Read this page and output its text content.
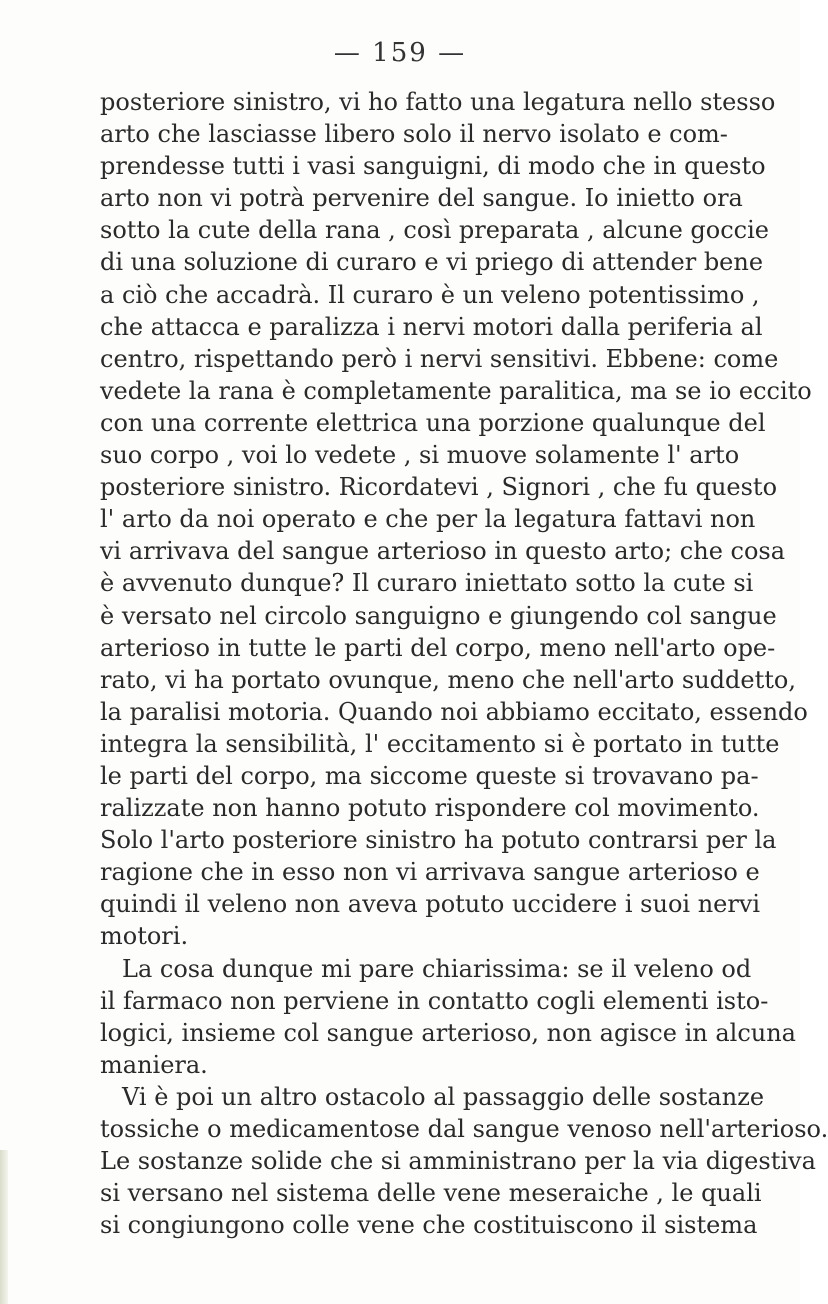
— 159 —
posteriore sinistro, vi ho fatto una legatura nello stesso
arto che lasciasse libero solo il nervo isolato e com-
prendesse tutti i vasi sanguigni, di modo che in questo
arto non vi potrà pervenire del sangue. Io inietto ora
sotto la cute della rana , così preparata , alcune goccie
di una soluzione di curaro e vi priego di attender bene
a ciò che accadrà. Il curaro è un veleno potentissimo ,
che attacca e paralizza i nervi motori dalla periferia al
centro, rispettando però i nervi sensitivi. Ebbene: come
vedete la rana è completamente paralitica, ma se io eccito
con una corrente elettrica una porzione qualunque del
suo corpo , voi lo vedete , si muove solamente l' arto
posteriore sinistro. Ricordatevi , Signori , che fu questo
l' arto da noi operato e che per la legatura fattavi non
vi arrivava del sangue arterioso in questo arto; che cosa
è avvenuto dunque? Il curaro iniettato sotto la cute si
è versato nel circolo sanguigno e giungendo col sangue
arterioso in tutte le parti del corpo, meno nell'arto ope-
rato, vi ha portato ovunque, meno che nell'arto suddetto,
la paralisi motoria. Quando noi abbiamo eccitato, essendo
integra la sensibilità, l' eccitamento si è portato in tutte
le parti del corpo, ma siccome queste si trovavano pa-
ralizzate non hanno potuto rispondere col movimento.
Solo l'arto posteriore sinistro ha potuto contrarsi per la
ragione che in esso non vi arrivava sangue arterioso e
quindi il veleno non aveva potuto uccidere i suoi nervi
motori.
La cosa dunque mi pare chiarissima: se il veleno od
il farmaco non perviene in contatto cogli elementi isto-
logici, insieme col sangue arterioso, non agisce in alcuna
maniera.
Vi è poi un altro ostacolo al passaggio delle sostanze
tossiche o medicamentose dal sangue venoso nell'arterioso.
Le sostanze solide che si amministrano per la via digestiva
si versano nel sistema delle vene meseraiche , le quali
si congiungono colle vene che costituiscono il sistema
